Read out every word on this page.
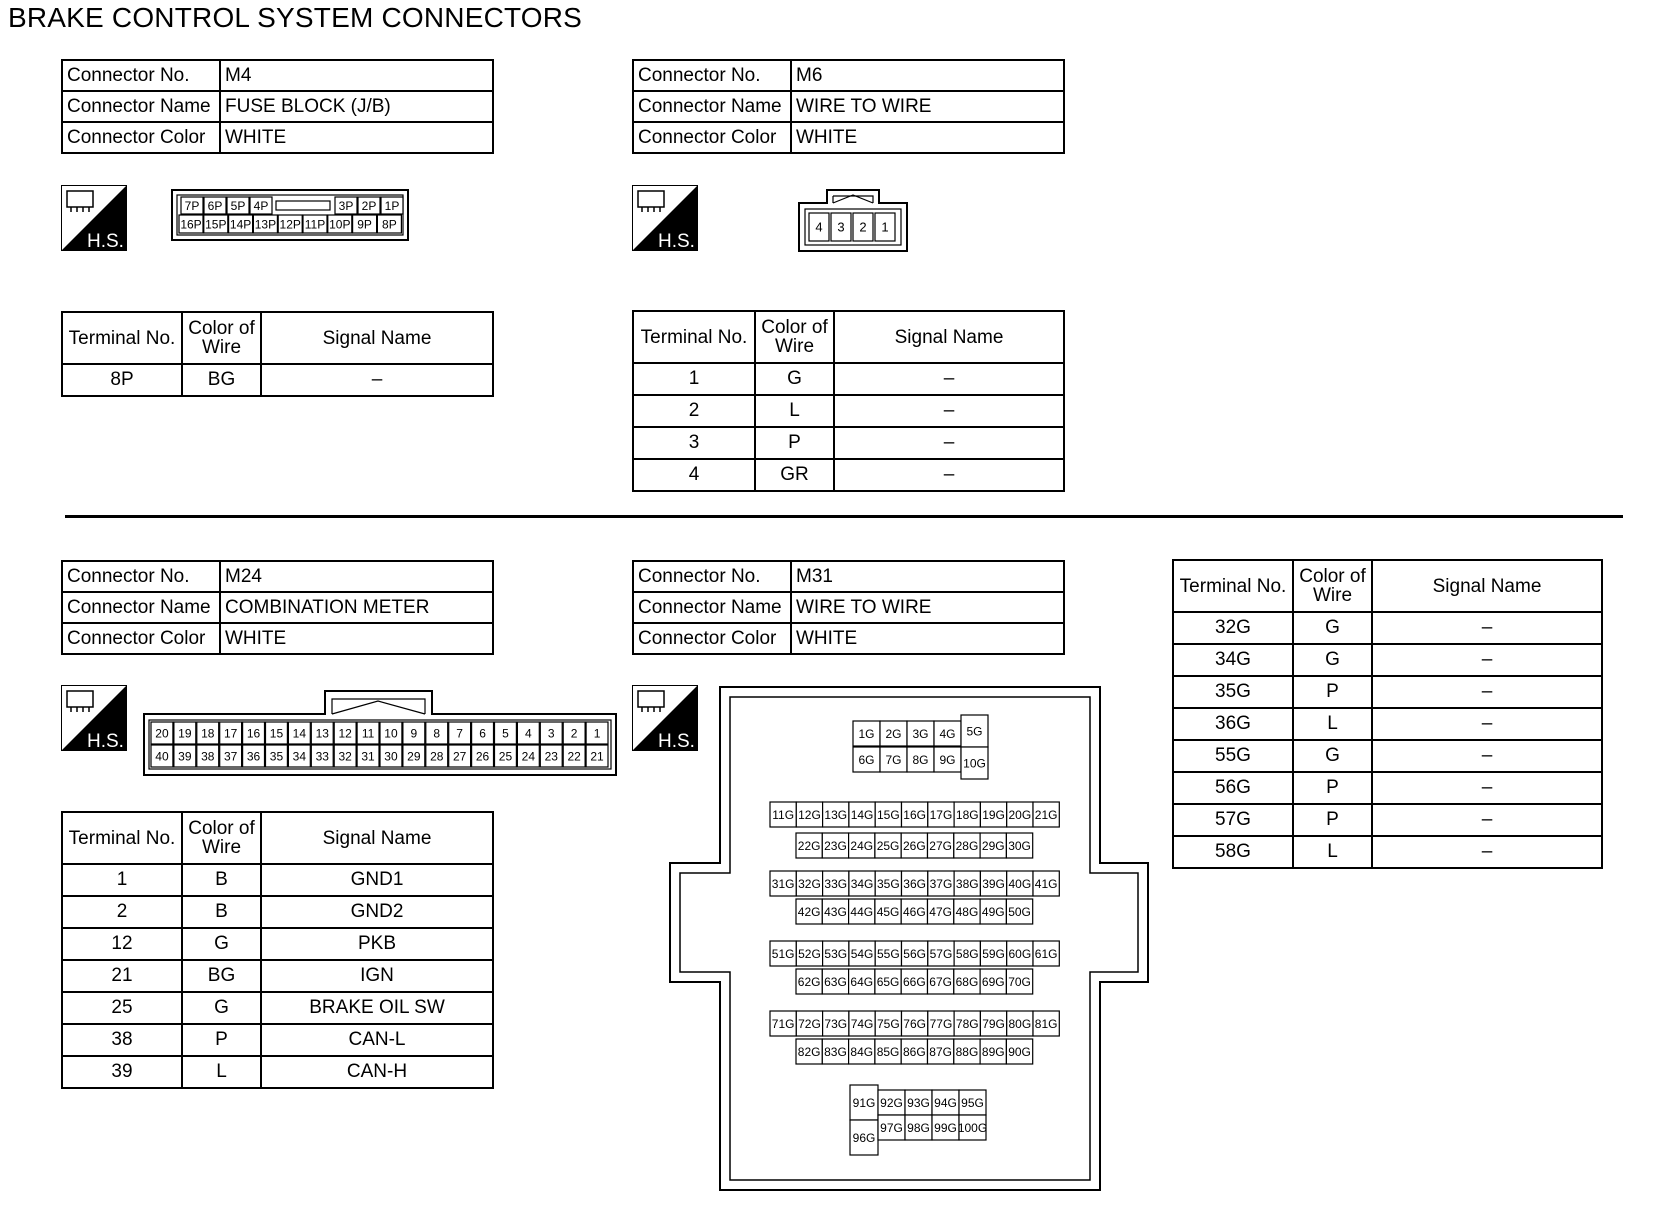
BRAKE CONTROL SYSTEM CONNECTORS
Connector No.	M4
Connector Name	FUSE BLOCK (J/B)
Connector Color	WHITE
H.S.
7P 6P 5P 4P	3P 2P 1P
16P 15P 14P 13P 12P 11P 10P 9P 8P
Terminal No.	Color of Wire	Signal Name
8P	BG	–
Connector No.	M6
Connector Name	WIRE TO WIRE
Connector Color	WHITE
H.S.
4 3 2 1
Terminal No.	Color of Wire	Signal Name
1	G	–
2	L	–
3	P	–
4	GR	–
Connector No.	M24
Connector Name	COMBINATION METER
Connector Color	WHITE
H.S.	20 19 18 17 16 15 14 13 12 11 10 9 8 7 6 5 4 3 2 1
40 39 38 37 36 35 34 33 32 31 30 29 28 27 26 25 24 23 22 21
Terminal No.	Color of Wire	Signal Name
1	B	GND1
2	B	GND2
12	G	PKB
21	BG	IGN
25	G	BRAKE OIL SW
38	P	CAN-L
39	L	CAN-H
Connector No.	M31
Connector Name	WIRE TO WIRE
Connector Color	WHITE
H.S.	1G 2G 3G 4G 5G
6G 7G 8G 9G 10G
11G 12G 13G 14G 15G 16G 17G 18G 19G 20G 21G
22G 23G 24G 25G 26G 27G 28G 29G 30G
31G 32G 33G 34G 35G 36G 37G 38G 39G 40G 41G
42G 43G 44G 45G 46G 47G 48G 49G 50G
51G 52G 53G 54G 55G 56G 57G 58G 59G 60G 61G
62G 63G 64G 65G 66G 67G 68G 69G 70G
71G 72G 73G 74G 75G 76G 77G 78G 79G 80G 81G
82G 83G 84G 85G 86G 87G 88G 89G 90G
91G 92G 93G 94G 95G
96G
97G 98G 99G 100G
Terminal No.	Color of Wire	Signal Name
32G	G	–
34G	G	–
35G	P	–
36G	L	–
55G	G	–
56G	P	–
57G	P	–
58G	L	–
